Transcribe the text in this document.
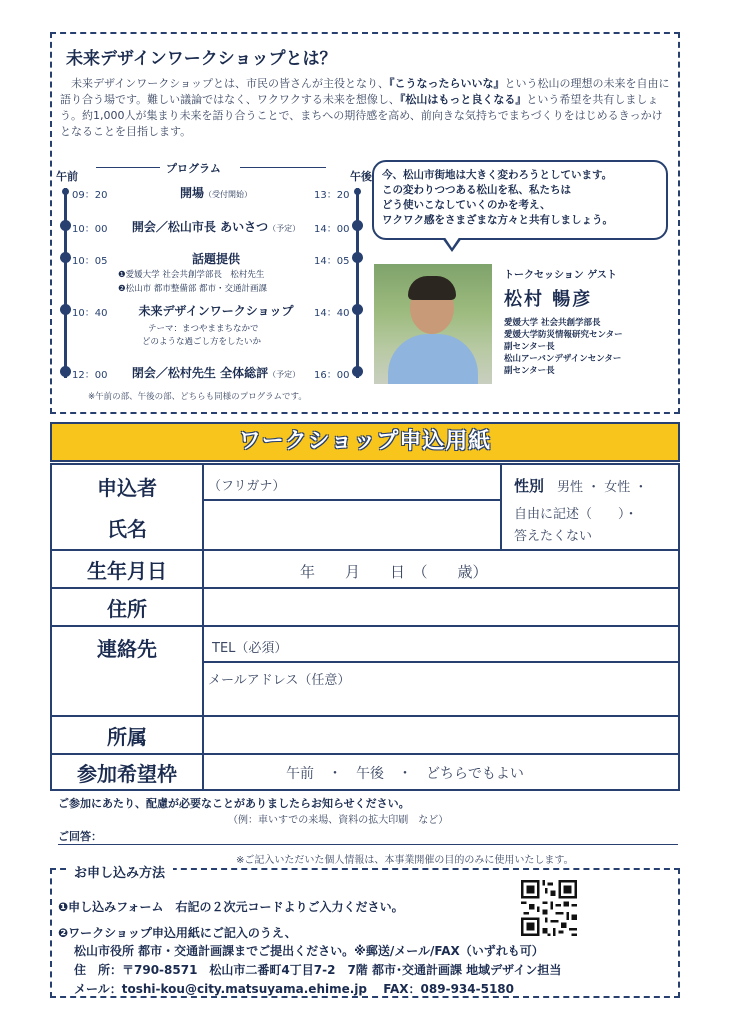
未来デザインワークショップとは？
未来デザインワークショップとは、市民の皆さんが主役となり、『こうなったらいいな』という松山の理想の未来を自由に語り合う場です。難しい議論ではなく、ワクワクする未来を想像し、『松山はもっと良くなる』という希望を共有しましょう。約1,000人が集まり未来を語り合うことで、まちへの期待感を高め、前向きな気持ちでまちづくりをはじめるきっかけとなることを目指します。
午前
プログラム
午後
09：20	開場（受付開始）	13：20
10：00	開会／松山市長 あいさつ（予定）	14：00
10：05	話題提供	14：05
❶愛媛大学 社会共創学部長　松村先生
❷松山市 都市整備部 都市・交通計画課
10：40	未来デザインワークショップ	14：40
テーマ：まつやままちなかで
どのような過ごし方をしたいか
12：00	閉会／松村先生 全体総評（予定）	16：00
※午前の部、午後の部、どちらも同様のプログラムです。
今、松山市街地は大きく変わろうとしています。
この変わりつつある松山を私、私たちは
どう使いこなしていくのかを考え、
ワクワク感をさまざまな方々と共有しましょう。
トークセッション ゲスト
松村 暢彦
愛媛大学 社会共創学部長
愛媛大学防災情報研究センター
副センター長
松山アーバンデザインセンター
副センター長
ワークショップ申込用紙
申込者
氏名
（フリガナ）	性別　 男性 ・ 女性 ・
自由に記述（　　）・
答えたくない
生年月日	年　　月　　日　（　　歳）
住所
連絡先	TEL（必須）
メールアドレス（任意）
所属
参加希望枠	午前　・　午後　・　どちらでもよい
ご参加にあたり、配慮が必要なことがありましたらお知らせください。
（例：車いすでの来場、資料の拡大印刷　など）
ご回答：
※ご記入いただいた個人情報は、本事業開催の目的のみに使用いたします。
お申し込み方法
❶申し込みフォーム　右記の２次元コードよりご入力ください。
❷ワークショップ申込用紙にご記入のうえ、
松山市役所 都市・交通計画課までご提出ください。※郵送/メール/FAX（いずれも可）
住　所：〒790-8571　松山市二番町4丁目7-2　7階 都市･交通計画課 地域デザイン担当
メール：toshi-kou@city.matsuyama.ehime.jp　 FAX：089-934-5180
